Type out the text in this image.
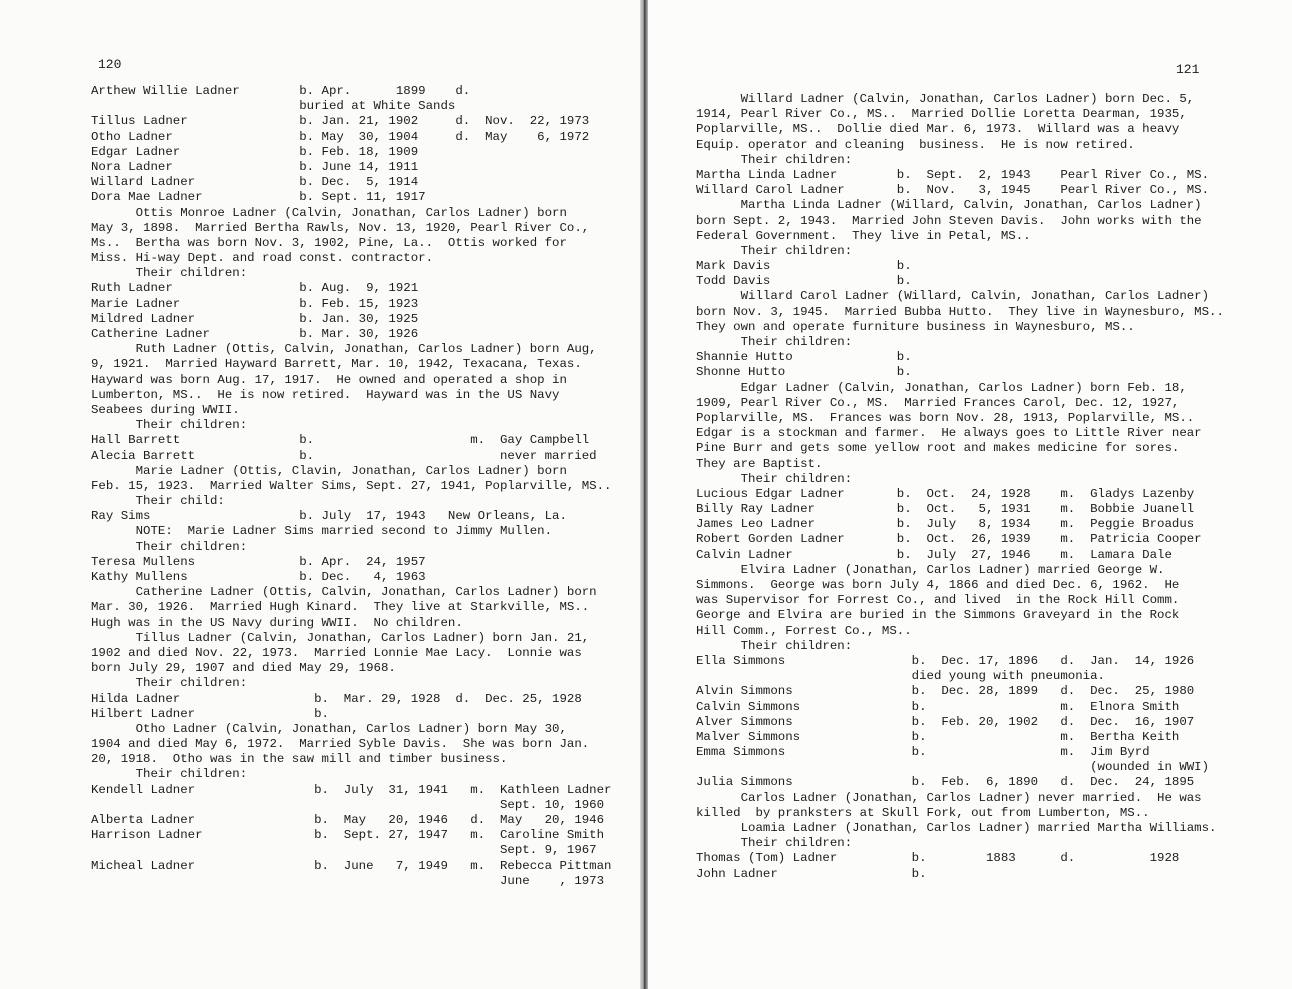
120
Arthew Willie Ladner        b. Apr.      1899    d.
buried at White Sands
Tillus Ladner               b. Jan. 21, 1902     d.  Nov.  22, 1973
Otho Ladner                 b. May  30, 1904     d.  May    6, 1972
Edgar Ladner                b. Feb. 18, 1909
Nora Ladner                 b. June 14, 1911
Willard Ladner              b. Dec.  5, 1914
Dora Mae Ladner             b. Sept. 11, 1917
Ottis Monroe Ladner (Calvin, Jonathan, Carlos Ladner) born
May 3, 1898.  Married Bertha Rawls, Nov. 13, 1920, Pearl River Co.,
Ms..  Bertha was born Nov. 3, 1902, Pine, La..  Ottis worked for
Miss. Hi-way Dept. and road const. contractor.
Their children:
Ruth Ladner                 b. Aug.  9, 1921
Marie Ladner                b. Feb. 15, 1923
Mildred Ladner              b. Jan. 30, 1925
Catherine Ladner            b. Mar. 30, 1926
Ruth Ladner (Ottis, Calvin, Jonathan, Carlos Ladner) born Aug,
9, 1921.  Married Hayward Barrett, Mar. 10, 1942, Texacana, Texas.
Hayward was born Aug. 17, 1917.  He owned and operated a shop in
Lumberton, MS..  He is now retired.  Hayward was in the US Navy
Seabees during WWII.
Their children:
Hall Barrett                b.                     m.  Gay Campbell
Alecia Barrett              b.                         never married
Marie Ladner (Ottis, Clavin, Jonathan, Carlos Ladner) born
Feb. 15, 1923.  Married Walter Sims, Sept. 27, 1941, Poplarville, MS..
Their child:
Ray Sims                    b. July  17, 1943   New Orleans, La.
NOTE:  Marie Ladner Sims married second to Jimmy Mullen.
Their children:
Teresa Mullens              b. Apr.  24, 1957
Kathy Mullens               b. Dec.   4, 1963
Catherine Ladner (Ottis, Calvin, Jonathan, Carlos Ladner) born
Mar. 30, 1926.  Married Hugh Kinard.  They live at Starkville, MS..
Hugh was in the US Navy during WWII.  No children.
Tillus Ladner (Calvin, Jonathan, Carlos Ladner) born Jan. 21,
1902 and died Nov. 22, 1973.  Married Lonnie Mae Lacy.  Lonnie was
born July 29, 1907 and died May 29, 1968.
Their children:
Hilda Ladner                  b.  Mar. 29, 1928  d.  Dec. 25, 1928
Hilbert Ladner                b.
Otho Ladner (Calvin, Jonathan, Carlos Ladner) born May 30,
1904 and died May 6, 1972.  Married Syble Davis.  She was born Jan.
20, 1918.  Otho was in the saw mill and timber business.
Their children:
Kendell Ladner                b.  July  31, 1941   m.  Kathleen Ladner
Sept. 10, 1960
Alberta Ladner                b.  May   20, 1946   d.  May   20, 1946
Harrison Ladner               b.  Sept. 27, 1947   m.  Caroline Smith
Sept. 9, 1967
Micheal Ladner                b.  June   7, 1949   m.  Rebecca Pittman
June    , 1973
121
Willard Ladner (Calvin, Jonathan, Carlos Ladner) born Dec. 5,
1914, Pearl River Co., MS..  Married Dollie Loretta Dearman, 1935,
Poplarville, MS..  Dollie died Mar. 6, 1973.  Willard was a heavy
Equip. operator and cleaning  business.  He is now retired.
Their children:
Martha Linda Ladner        b.  Sept.  2, 1943    Pearl River Co., MS.
Willard Carol Ladner       b.  Nov.   3, 1945    Pearl River Co., MS.
Martha Linda Ladner (Willard, Calvin, Jonathan, Carlos Ladner)
born Sept. 2, 1943.  Married John Steven Davis.  John works with the
Federal Government.  They live in Petal, MS..
Their children:
Mark Davis                 b.
Todd Davis                 b.
Willard Carol Ladner (Willard, Calvin, Jonathan, Carlos Ladner)
born Nov. 3, 1945.  Married Bubba Hutto.  They live in Waynesburo, MS..
They own and operate furniture business in Waynesburo, MS..
Their children:
Shannie Hutto              b.
Shonne Hutto               b.
Edgar Ladner (Calvin, Jonathan, Carlos Ladner) born Feb. 18,
1909, Pearl River Co., MS.  Married Frances Carol, Dec. 12, 1927,
Poplarville, MS.  Frances was born Nov. 28, 1913, Poplarville, MS..
Edgar is a stockman and farmer.  He always goes to Little River near
Pine Burr and gets some yellow root and makes medicine for sores.
They are Baptist.
Their children:
Lucious Edgar Ladner       b.  Oct.  24, 1928    m.  Gladys Lazenby
Billy Ray Ladner           b.  Oct.   5, 1931    m.  Bobbie Juanell
James Leo Ladner           b.  July   8, 1934    m.  Peggie Broadus
Robert Gorden Ladner       b.  Oct.  26, 1939    m.  Patricia Cooper
Calvin Ladner              b.  July  27, 1946    m.  Lamara Dale
Elvira Ladner (Jonathan, Carlos Ladner) married George W.
Simmons.  George was born July 4, 1866 and died Dec. 6, 1962.  He
was Supervisor for Forrest Co., and lived  in the Rock Hill Comm.
George and Elvira are buried in the Simmons Graveyard in the Rock
Hill Comm., Forrest Co., MS..
Their children:
Ella Simmons                 b.  Dec. 17, 1896   d.  Jan.  14, 1926
died young with pneumonia.
Alvin Simmons                b.  Dec. 28, 1899   d.  Dec.  25, 1980
Calvin Simmons               b.                  m.  Elnora Smith
Alver Simmons                b.  Feb. 20, 1902   d.  Dec.  16, 1907
Malver Simmons               b.                  m.  Bertha Keith
Emma Simmons                 b.                  m.  Jim Byrd
(wounded in WWI)
Julia Simmons                b.  Feb.  6, 1890   d.  Dec.  24, 1895
Carlos Ladner (Jonathan, Carlos Ladner) never married.  He was
killed  by pranksters at Skull Fork, out from Lumberton, MS..
Loamia Ladner (Jonathan, Carlos Ladner) married Martha Williams.
Their children:
Thomas (Tom) Ladner          b.        1883      d.          1928
John Ladner                  b.
